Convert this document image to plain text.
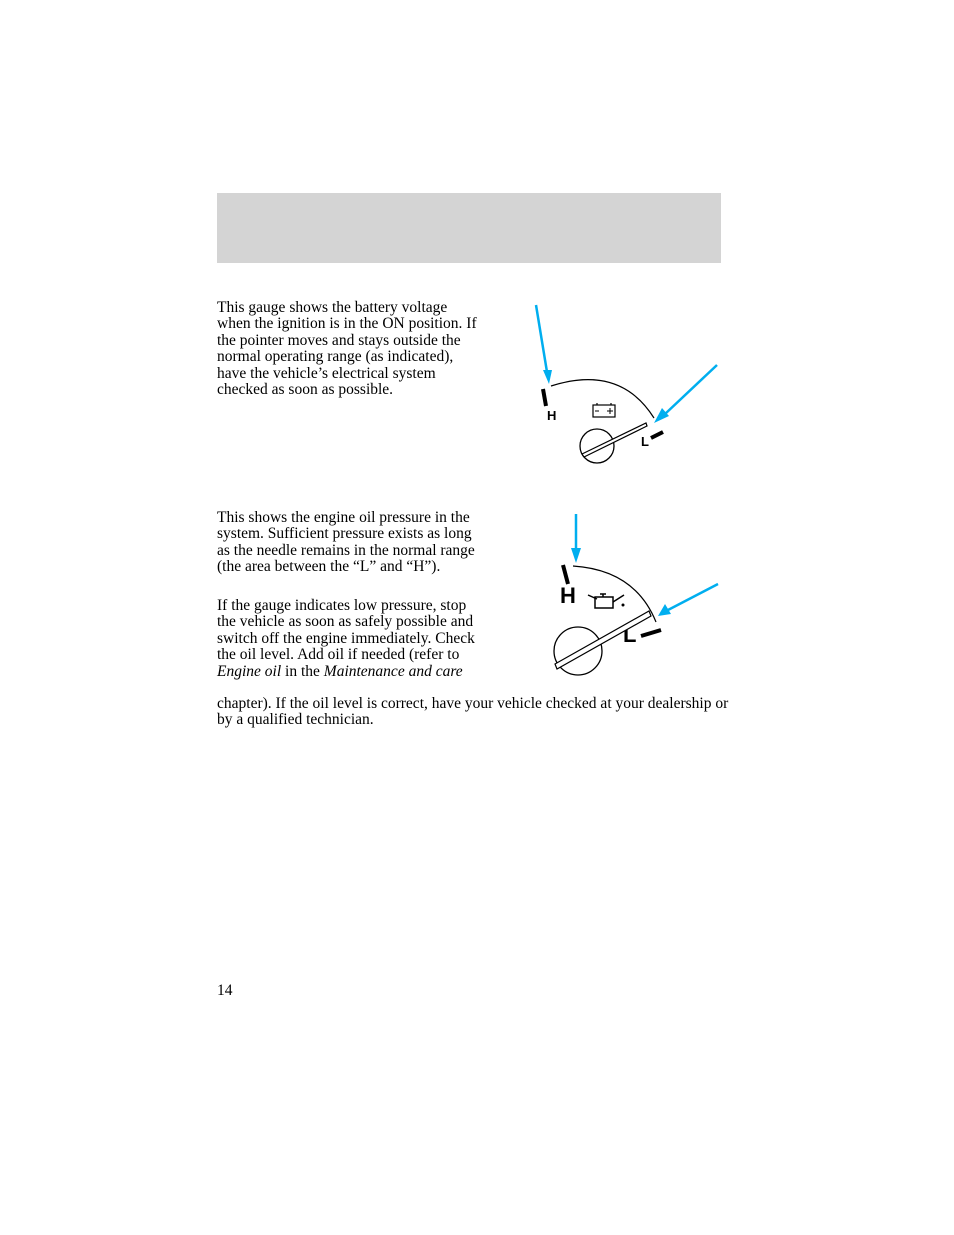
This gauge shows the battery voltage when the ignition is in the ON position. If the pointer moves and stays outside the normal operating range (as indicated), have the vehicle’s electrical system checked as soon as possible.

H
L

This shows the engine oil pressure in the system. Sufficient pressure exists as long as the needle remains in the normal range (the area between the “L” and “H”).

If the gauge indicates low pressure, stop the vehicle as soon as safely possible and switch off the engine immediately. Check the oil level. Add oil if needed (refer to Engine oil in the Maintenance and care

chapter). If the oil level is correct, have your vehicle checked at your dealership or by a qualified technician.

H
L
14
